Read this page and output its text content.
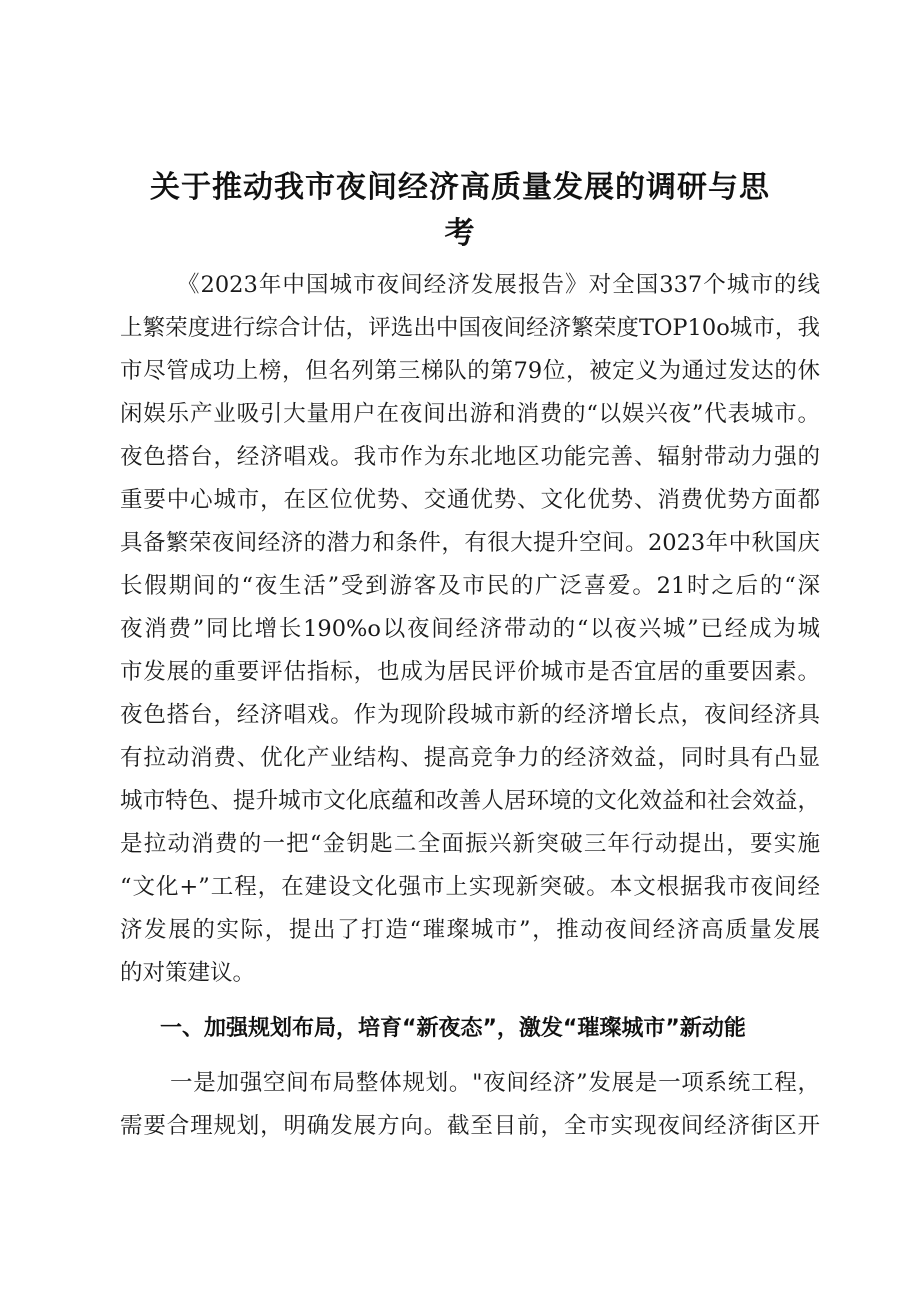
关于推动我市夜间经济高质量发展的调研与思
考
《2023年中国城市夜间经济发展报告》对全国337个城市的线
上繁荣度进行综合计估，评选出中国夜间经济繁荣度TOP10o城市，我
市尽管成功上榜，但名列第三梯队的第79位，被定义为通过发达的休
闲娱乐产业吸引大量用户在夜间出游和消费的“以娱兴夜”代表城市。
夜色搭台，经济唱戏。我市作为东北地区功能完善、辐射带动力强的
重要中心城市，在区位优势、交通优势、文化优势、消费优势方面都
具备繁荣夜间经济的潜力和条件，有很大提升空间。2023年中秋国庆
长假期间的“夜生活”受到游客及市民的广泛喜爱。21时之后的“深
夜消费”同比增长190%o以夜间经济带动的“以夜兴城”已经成为城
市发展的重要评估指标，也成为居民评价城市是否宜居的重要因素。
夜色搭台，经济唱戏。作为现阶段城市新的经济增长点，夜间经济具
有拉动消费、优化产业结构、提高竞争力的经济效益，同时具有凸显
城市特色、提升城市文化底蕴和改善人居环境的文化效益和社会效益，
是拉动消费的一把“金钥匙二全面振兴新突破三年行动提出，要实施
“文化+”工程，在建设文化强市上实现新突破。本文根据我市夜间经
济发展的实际，提出了打造“璀璨城市”，推动夜间经济高质量发展
的对策建议。
一、加强规划布局，培育“新夜态”，激发“璀璨城市”新动能
一是加强空间布局整体规划。"夜间经济”发展是一项系统工程，
需要合理规划，明确发展方向。截至目前，全市实现夜间经济街区开
